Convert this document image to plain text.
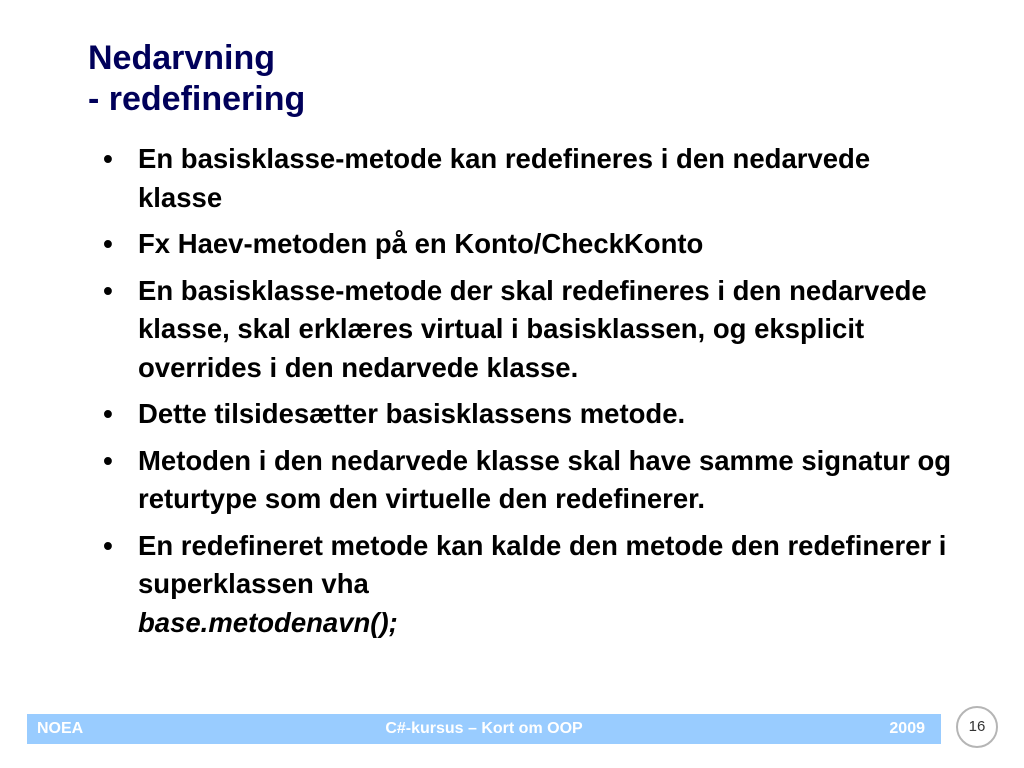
Nedarvning
- redefinering
• En basisklasse-metode kan redefineres i den nedarvede klasse
• Fx Haev-metoden på en Konto/CheckKonto
• En basisklasse-metode der skal redefineres i den nedarvede klasse, skal erklæres virtual i basisklassen, og eksplicit overrides i den nedarvede klasse.
• Dette tilsidesætter basisklassens metode.
• Metoden i den nedarvede klasse skal have samme signatur og returtype som den virtuelle den redefinerer.
• En redefineret metode kan kalde den metode den redefinerer i superklassen vha
base.metodenavn();
NOEA	C#-kursus – Kort om OOP	2009	16
